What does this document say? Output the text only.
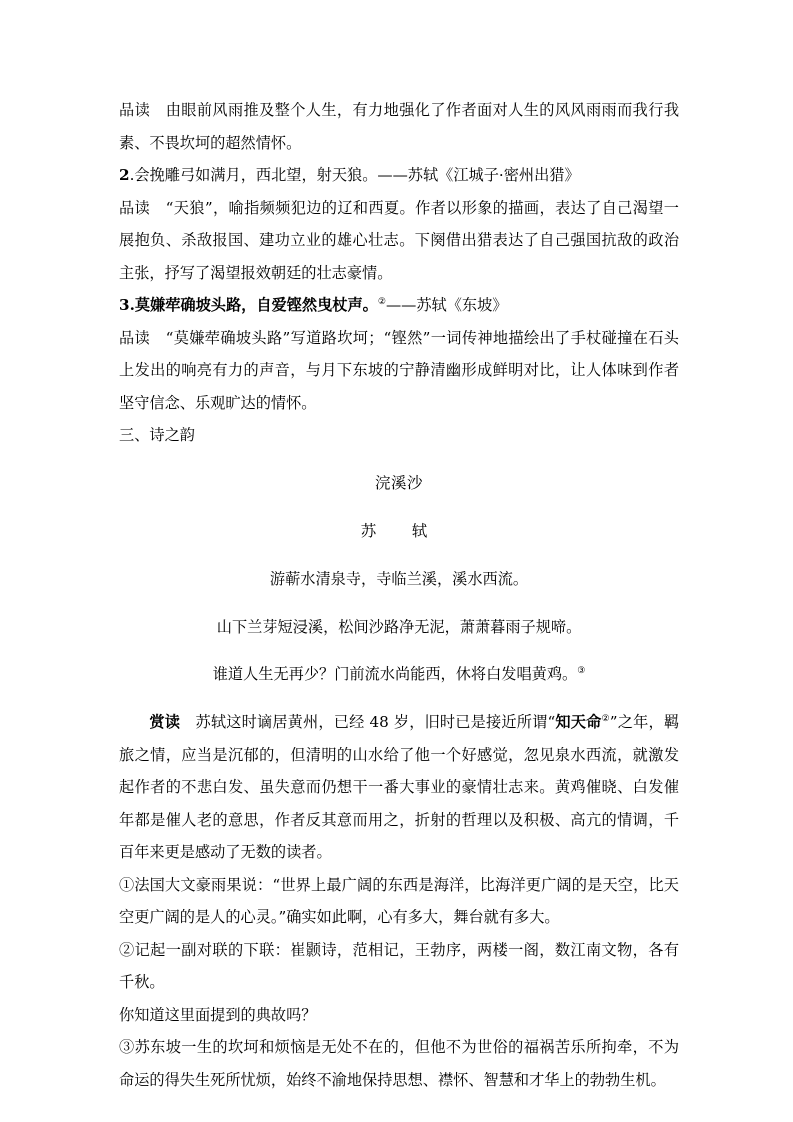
品读　由眼前风雨推及整个人生，有力地强化了作者面对人生的风风雨雨而我行我素、不畏坎坷的超然情怀。

2.会挽雕弓如满月，西北望，射天狼。——苏轼《江城子·密州出猎》

品读　“天狼”，喻指频频犯边的辽和西夏。作者以形象的描画，表达了自己渴望一展抱负、杀敌报国、建功立业的雄心壮志。下阕借出猎表达了自己强国抗敌的政治主张，抒写了渴望报效朝廷的壮志豪情。

3.莫嫌荦确坡头路，自爱铿然曳杖声。②——苏轼《东坡》

品读　“莫嫌荦确坡头路”写道路坎坷；“铿然”一词传神地描绘出了手杖碰撞在石头上发出的响亮有力的声音，与月下东坡的宁静清幽形成鲜明对比，让人体味到作者坚守信念、乐观旷达的情怀。

三、诗之韵

浣溪沙

苏　轼

游蕲水清泉寺，寺临兰溪，溪水西流。

山下兰芽短浸溪，松间沙路净无泥，萧萧暮雨子规啼。

谁道人生无再少？门前流水尚能西，休将白发唱黄鸡。③

赏读　苏轼这时谪居黄州，已经 48 岁，旧时已是接近所谓“知天命②”之年，羁旅之情，应当是沉郁的，但清明的山水给了他一个好感觉，忽见泉水西流，就激发起作者的不悲白发、虽失意而仍想干一番大事业的豪情壮志来。黄鸡催晓、白发催年都是催人老的意思，作者反其意而用之，折射的哲理以及积极、高亢的情调，千百年来更是感动了无数的读者。

①法国大文豪雨果说：“世界上最广阔的东西是海洋，比海洋更广阔的是天空，比天空更广阔的是人的心灵。”确实如此啊，心有多大，舞台就有多大。

②记起一副对联的下联：崔颢诗，范相记，王勃序，两楼一阁，数江南文物，各有千秋。

你知道这里面提到的典故吗？

③苏东坡一生的坎坷和烦恼是无处不在的，但他不为世俗的福祸苦乐所拘牵，不为命运的得失生死所忧烦，始终不渝地保持思想、襟怀、智慧和才华上的勃勃生机。
